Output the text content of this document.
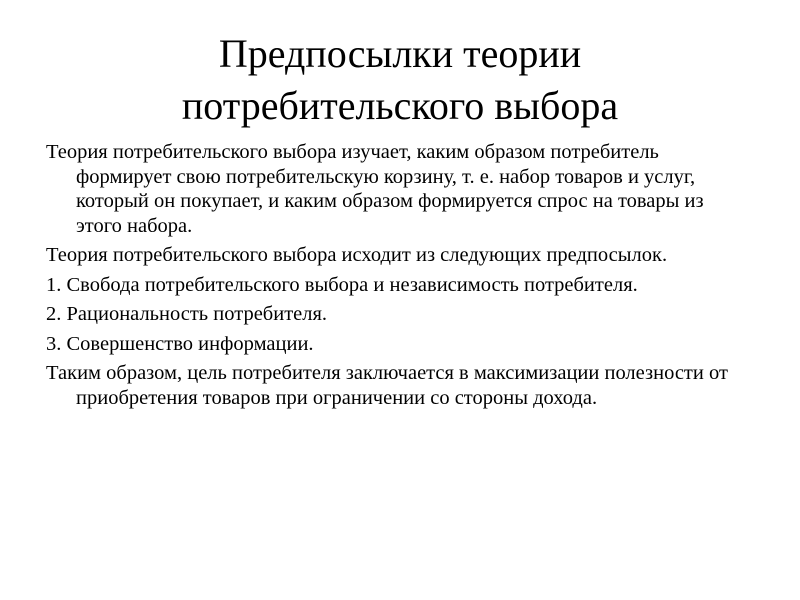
Предпосылки теории
потребительского выбора

Теория потребительского выбора изучает, каким образом потребитель формирует свою потребительскую корзину, т. е. набор товаров и услуг, который он покупает, и каким образом формируется спрос на товары из этого набора.

Теория потребительского выбора исходит из следующих предпосылок.

1. Свобода потребительского выбора и независимость потребителя.

2. Рациональность потребителя.

3. Совершенство информации.

Таким образом, цель потребителя заключается в максимизации полезности от приобретения товаров при ограничении со стороны дохода.
